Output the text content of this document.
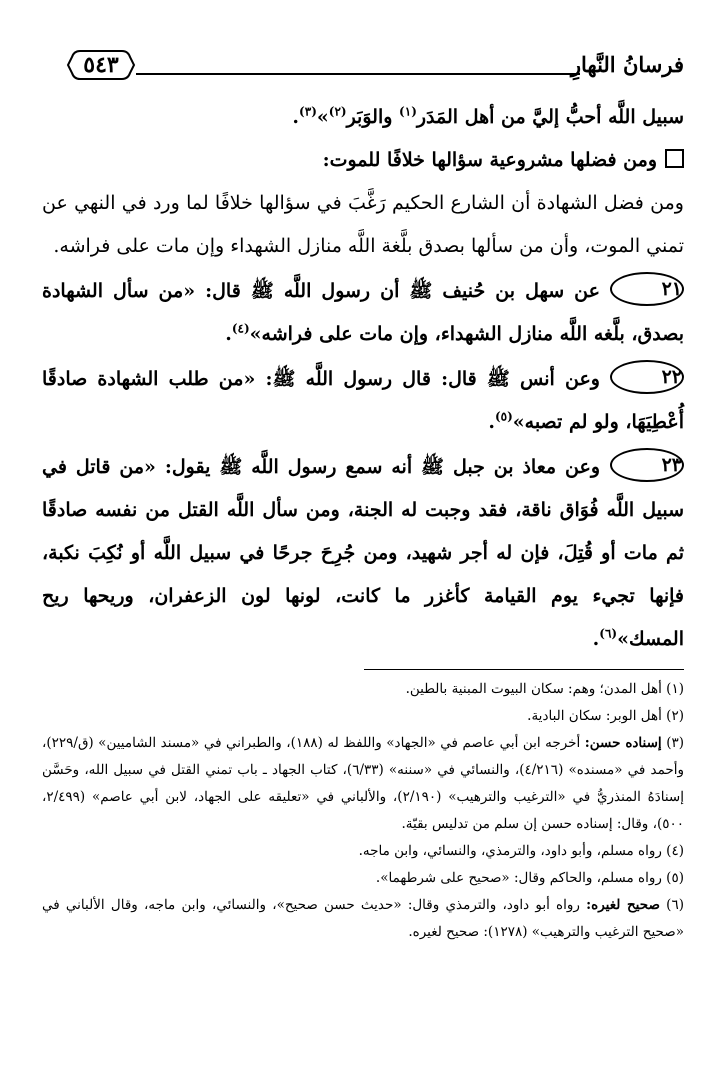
فرسانُ النَّهارِ
٥٤٣

سبيل اللَّه أحبُّ إليَّ من أهل المَدَر$^{(١)}$ والوَبَر$^{(٢)}$»$^{(٣)}$.

ومن فضلها مشروعية سؤالها خلافًا للموت:

ومن فضل الشهادة أن الشارع الحكيم رَغَّبَ في سؤالها خلافًا لما ورد في النهي عن تمني الموت، وأن من سألها بصدق بلَّغة اللَّه منازل الشهداء وإن مات على فراشه.

٢١عن سهل بن حُنيف ﷺ أن رسول اللَّه ﷺ قال: «من سأل الشهادة بصدق، بلَّغه اللَّه منازل الشهداء، وإن مات على فراشه»$^{(٤)}$.

٢٢وعن أنس ﷺ قال: قال رسول اللَّه ﷺ: «من طلب الشهادة صادقًا أُعْطِيَهَا، ولو لم تصبه»$^{(٥)}$.

٢٣وعن معاذ بن جبل ﷺ أنه سمع رسول اللَّه ﷺ يقول: «من قاتل في سبيل اللَّه فُوَاق ناقة، فقد وجبت له الجنة، ومن سأل اللَّه القتل من نفسه صادقًا ثم مات أو قُتِلَ، فإن له أجر شهيد، ومن جُرِحَ جرحًا في سبيل اللَّه أو نُكِبَ نكبة، فإنها تجيء يوم القيامة كأغزر ما كانت، لونها لون الزعفران، وريحها ريح المسك»$^{(٦)}$.

(١) أهل المدن؛ وهم: سكان البيوت المبنية بالطين.

(٢) أهل الوبر: سكان البادية.

(٣) إسناده حسن: أخرجه ابن أبي عاصم في «الجهاد» واللفظ له (١٨٨)، والطبراني في «مسند الشاميين» (ق/٢٢٩)، وأحمد في «مسنده» (٤/٢١٦)، والنسائي في «سننه» (٦/٣٣)، كتاب الجهاد ـ باب تمني القتل في سبيل الله، وحَسَّن إسنادَهُ المنذريُّ في «الترغيب والترهيب» (٢/١٩٠)، والألباني في «تعليقه على الجهاد، لابن أبي عاصم» (٢/٤٩٩، ٥٠٠)، وقال: إسناده حسن إن سلم من تدليس بقيّة.

(٤) رواه مسلم، وأبو داود، والترمذي، والنسائي، وابن ماجه.

(٥) رواه مسلم، والحاكم وقال: «صحيح على شرطهما».

(٦) صحيح لغيره: رواه أبو داود، والترمذي وقال: «حديث حسن صحيح»، والنسائي، وابن ماجه، وقال الألباني في «صحيح الترغيب والترهيب» (١٢٧٨): صحيح لغيره.
